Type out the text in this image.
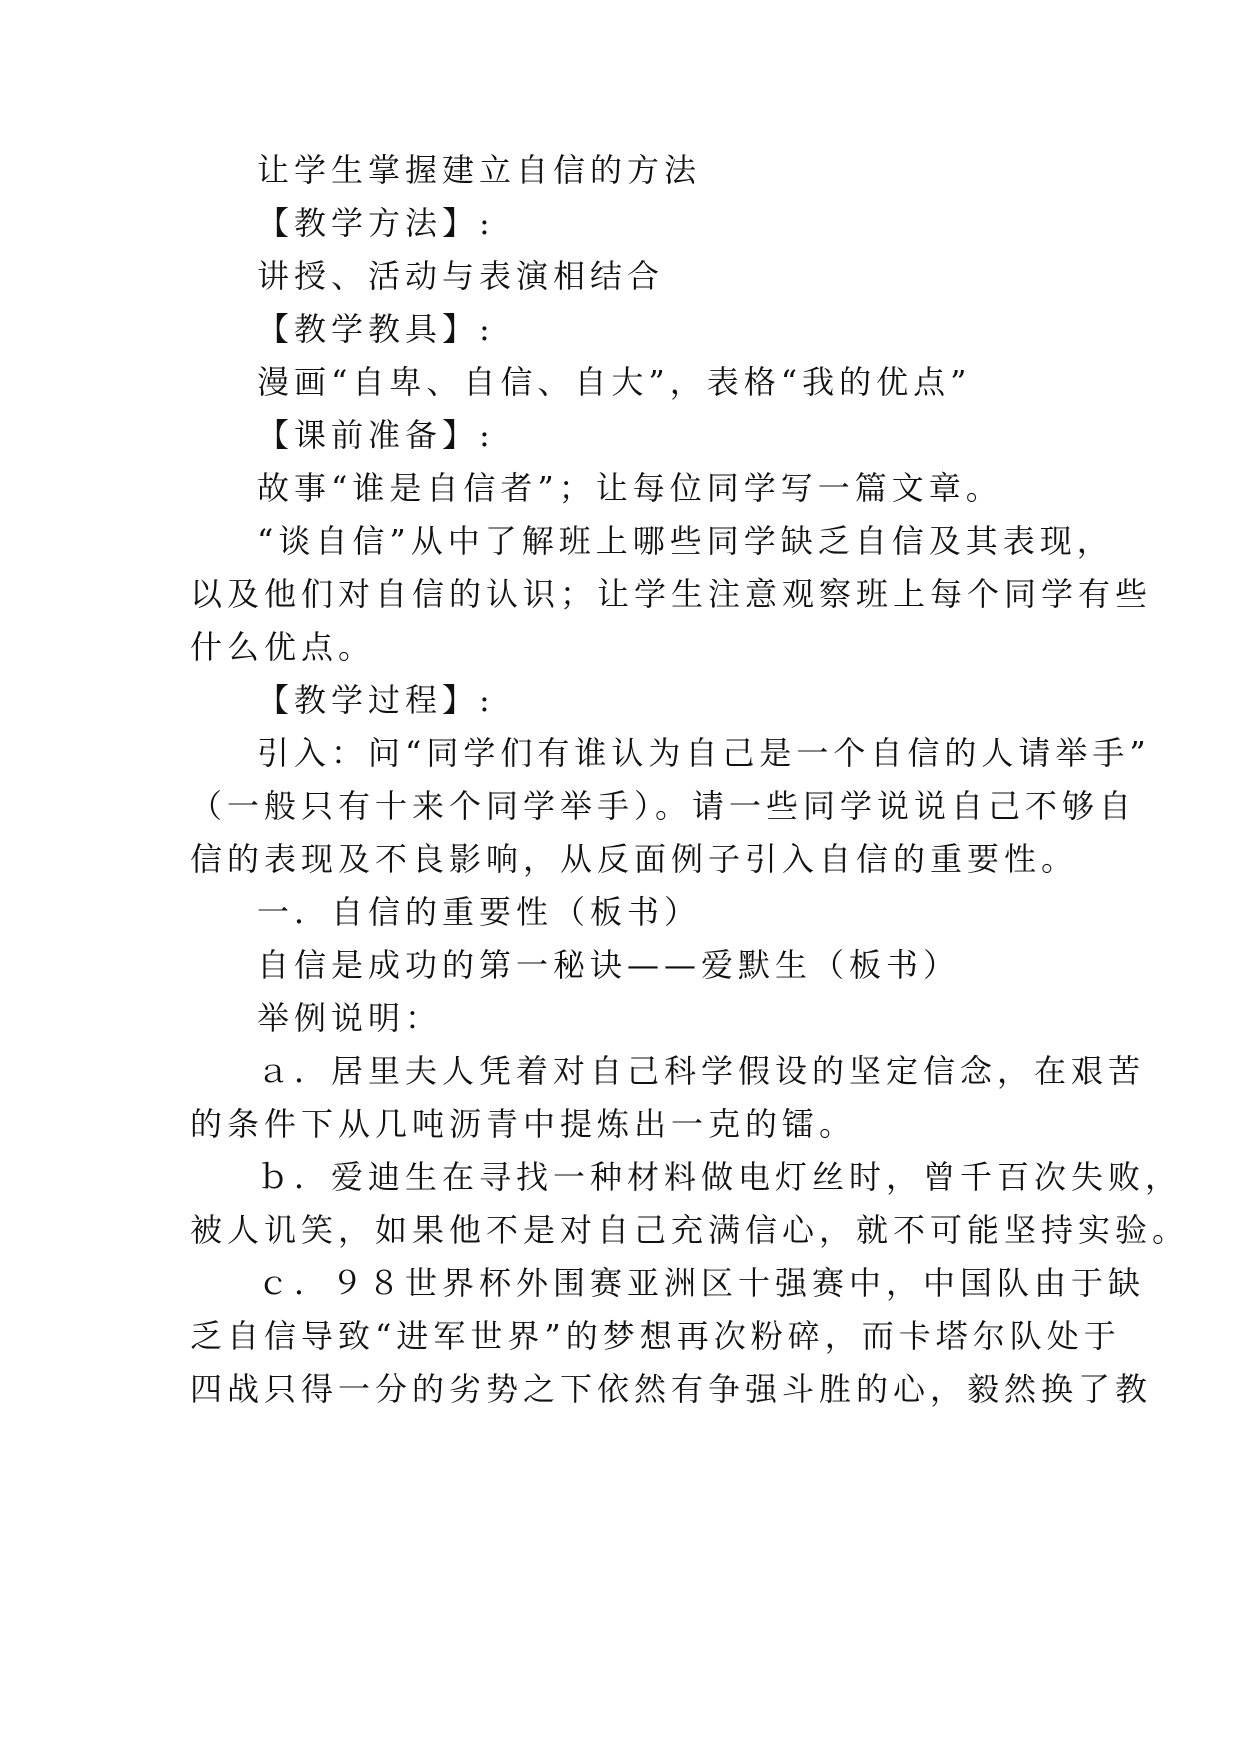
让学生掌握建立自信的方法
【教学方法】:
讲授、活动与表演相结合
【教学教具】:
漫画“自卑、自信、自大”，表格“我的优点”
【课前准备】:
故事“谁是自信者”；让每位同学写一篇文章。
“谈自信”从中了解班上哪些同学缺乏自信及其表现，
以及他们对自信的认识；让学生注意观察班上每个同学有些
什么优点。
【教学过程】:
引入：问“同学们有谁认为自己是一个自信的人请举手”
（一般只有十来个同学举手）。请一些同学说说自己不够自
信的表现及不良影响，从反面例子引入自信的重要性。
一．自信的重要性（板书）
自信是成功的第一秘诀——爱默生（板书）
举例说明：
ａ．居里夫人凭着对自己科学假设的坚定信念，在艰苦
的条件下从几吨沥青中提炼出一克的镭。
ｂ．爱迪生在寻找一种材料做电灯丝时，曾千百次失败，
被人讥笑，如果他不是对自己充满信心，就不可能坚持实验。
ｃ．９８世界杯外围赛亚洲区十强赛中，中国队由于缺
乏自信导致“进军世界”的梦想再次粉碎，而卡塔尔队处于
四战只得一分的劣势之下依然有争强斗胜的心，毅然换了教
